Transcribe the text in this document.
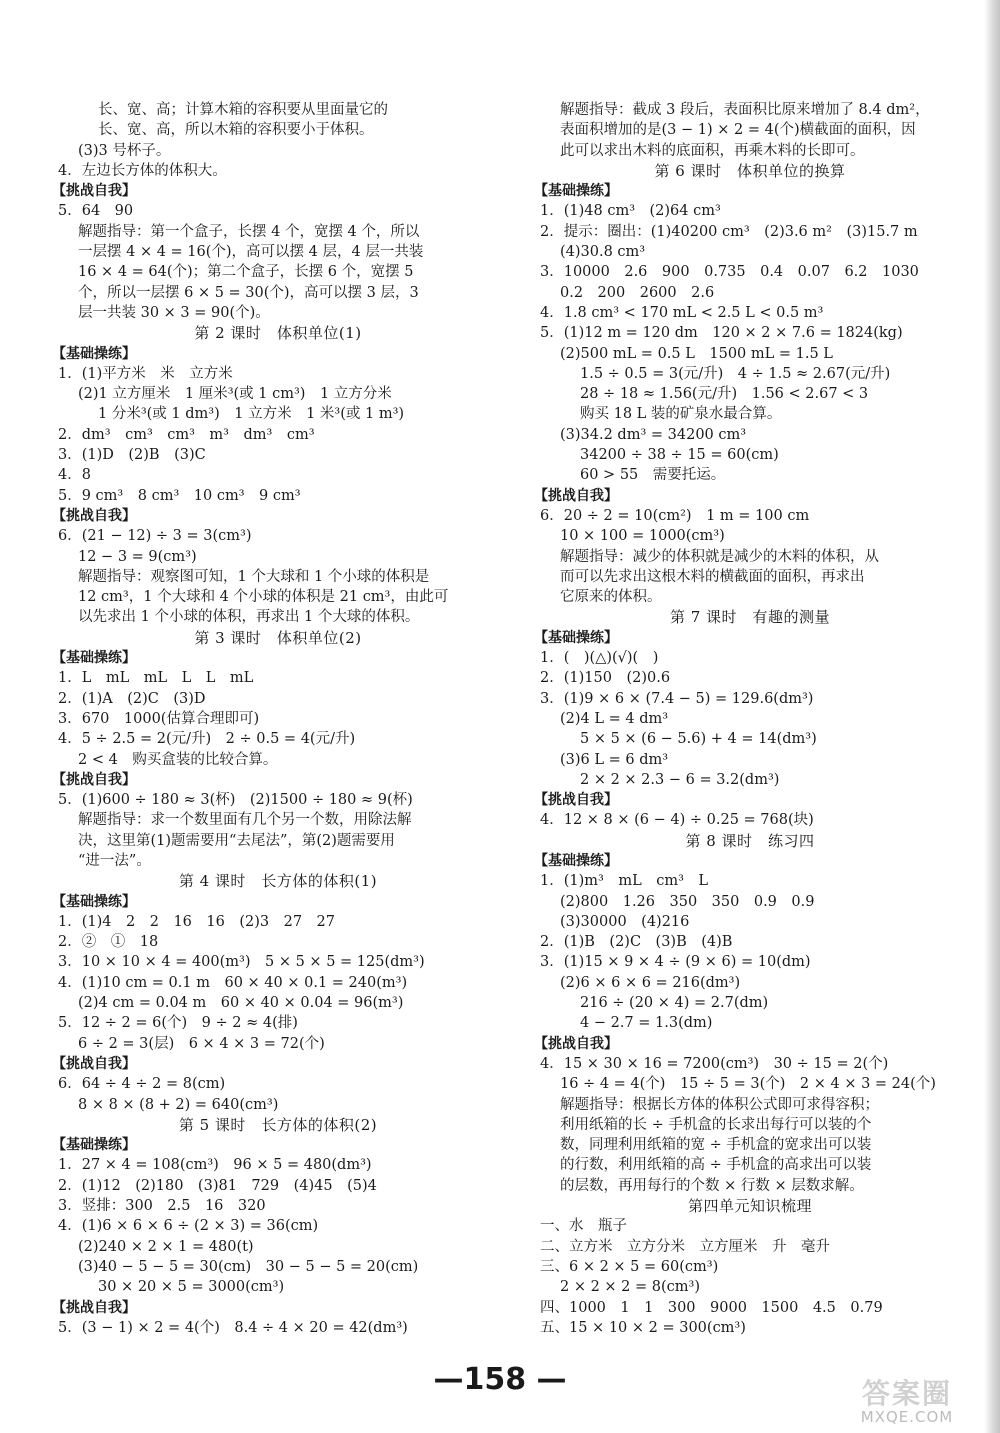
长、宽、高；计算木箱的容积要从里面量它的
长、宽、高，所以木箱的容积要小于体积。
(3)3 号杯子。
4．左边长方体的体积大。
【挑战自我】
5．64　90
解题指导：第一个盒子，长摆 4 个，宽摆 4 个，所以
一层摆 4 × 4 = 16(个)，高可以摆 4 层，4 层一共装
16 × 4 = 64(个)；第二个盒子，长摆 6 个，宽摆 5
个，所以一层摆 6 × 5 = 30(个)，高可以摆 3 层，3
层一共装 30 × 3 = 90(个)。
第 2 课时　体积单位(1)
【基础操练】
1．(1)平方米　米　立方米
(2)1 立方厘米　1 厘米³(或 1 cm³)　1 立方分米
1 分米³(或 1 dm³)　1 立方米　1 米³(或 1 m³)
2．dm³　cm³　cm³　m³　dm³　cm³
3．(1)D　(2)B　(3)C
4．8
5．9 cm³　8 cm³　10 cm³　9 cm³
【挑战自我】
6．(21 − 12) ÷ 3 = 3(cm³)
12 − 3 = 9(cm³)
解题指导：观察图可知，1 个大球和 1 个小球的体积是
12 cm³，1 个大球和 4 个小球的体积是 21 cm³，由此可
以先求出 1 个小球的体积，再求出 1 个大球的体积。
第 3 课时　体积单位(2)
【基础操练】
1．L　mL　mL　L　L　mL
2．(1)A　(2)C　(3)D
3．670　1000(估算合理即可)
4．5 ÷ 2.5 = 2(元/升)　2 ÷ 0.5 = 4(元/升)
2 < 4　购买盒装的比较合算。
【挑战自我】
5．(1)600 ÷ 180 ≈ 3(杯)　(2)1500 ÷ 180 ≈ 9(杯)
解题指导：求一个数里面有几个另一个数，用除法解
决，这里第(1)题需要用“去尾法”，第(2)题需要用
“进一法”。
第 4 课时　长方体的体积(1)
【基础操练】
1．(1)4　2　2　16　16　(2)3　27　27
2．②　①　18
3．10 × 10 × 4 = 400(m³)　5 × 5 × 5 = 125(dm³)
4．(1)10 cm = 0.1 m　60 × 40 × 0.1 = 240(m³)
(2)4 cm = 0.04 m　60 × 40 × 0.04 = 96(m³)
5．12 ÷ 2 = 6(个)　9 ÷ 2 ≈ 4(排)
6 ÷ 2 = 3(层)　6 × 4 × 3 = 72(个)
【挑战自我】
6．64 ÷ 4 ÷ 2 = 8(cm)
8 × 8 × (8 + 2) = 640(cm³)
第 5 课时　长方体的体积(2)
【基础操练】
1．27 × 4 = 108(cm³)　96 × 5 = 480(dm³)
2．(1)12　(2)180　(3)81　729　(4)45　(5)4
3．竖排：300　2.5　16　320
4．(1)6 × 6 × 6 ÷ (2 × 3) = 36(cm)
(2)240 × 2 × 1 = 480(t)
(3)40 − 5 − 5 = 30(cm)　30 − 5 − 5 = 20(cm)
30 × 20 × 5 = 3000(cm³)
【挑战自我】
5．(3 − 1) × 2 = 4(个)　8.4 ÷ 4 × 20 = 42(dm³)
解题指导：截成 3 段后，表面积比原来增加了 8.4 dm²，
表面积增加的是(3 − 1) × 2 = 4(个)横截面的面积，因
此可以求出木料的底面积，再乘木料的长即可。
第 6 课时　体积单位的换算
【基础操练】
1．(1)48 cm³　(2)64 cm³
2．提示：圈出：(1)40200 cm³　(2)3.6 m²　(3)15.7 m
(4)30.8 cm³
3．10000　2.6　900　0.735　0.4　0.07　6.2　1030
0.2　200　2600　2.6
4．1.8 cm³ < 170 mL < 2.5 L < 0.5 m³
5．(1)12 m = 120 dm　120 × 2 × 7.6 = 1824(kg)
(2)500 mL = 0.5 L　1500 mL = 1.5 L
1.5 ÷ 0.5 = 3(元/升)　4 ÷ 1.5 ≈ 2.67(元/升)
28 ÷ 18 ≈ 1.56(元/升)　1.56 < 2.67 < 3
购买 18 L 装的矿泉水最合算。
(3)34.2 dm³ = 34200 cm³
34200 ÷ 38 ÷ 15 = 60(cm)
60 > 55　需要托运。
【挑战自我】
6．20 ÷ 2 = 10(cm²)　1 m = 100 cm
10 × 100 = 1000(cm³)
解题指导：减少的体积就是减少的木料的体积，从
而可以先求出这根木料的横截面的面积，再求出
它原来的体积。
第 7 课时　有趣的测量
【基础操练】
1．(　)(△)(√)(　)
2．(1)150　(2)0.6
3．(1)9 × 6 × (7.4 − 5) = 129.6(dm³)
(2)4 L = 4 dm³
5 × 5 × (6 − 5.6) + 4 = 14(dm³)
(3)6 L = 6 dm³
2 × 2 × 2.3 − 6 = 3.2(dm³)
【挑战自我】
4．12 × 8 × (6 − 4) ÷ 0.25 = 768(块)
第 8 课时　练习四
【基础操练】
1．(1)m³　mL　cm³　L
(2)800　1.26　350　350　0.9　0.9
(3)30000　(4)216
2．(1)B　(2)C　(3)B　(4)B
3．(1)15 × 9 × 4 ÷ (9 × 6) = 10(dm)
(2)6 × 6 × 6 = 216(dm³)
216 ÷ (20 × 4) = 2.7(dm)
4 − 2.7 = 1.3(dm)
【挑战自我】
4．15 × 30 × 16 = 7200(cm³)　30 ÷ 15 = 2(个)
16 ÷ 4 = 4(个)　15 ÷ 5 = 3(个)　2 × 4 × 3 = 24(个)
解题指导：根据长方体的体积公式即可求得容积；
利用纸箱的长 ÷ 手机盒的长求出每行可以装的个
数，同理利用纸箱的宽 ÷ 手机盒的宽求出可以装
的行数，利用纸箱的高 ÷ 手机盒的高求出可以装
的层数，再用每行的个数 × 行数 × 层数求解。
第四单元知识梳理
一、水　瓶子
二、立方米　立方分米　立方厘米　升　毫升
三、6 × 2 × 5 = 60(cm³)
2 × 2 × 2 = 8(cm³)
四、1000　1　1　300　9000　1500　4.5　0.79
五、15 × 10 × 2 = 300(cm³)
—158 —	答案圈
MXQE.COM
